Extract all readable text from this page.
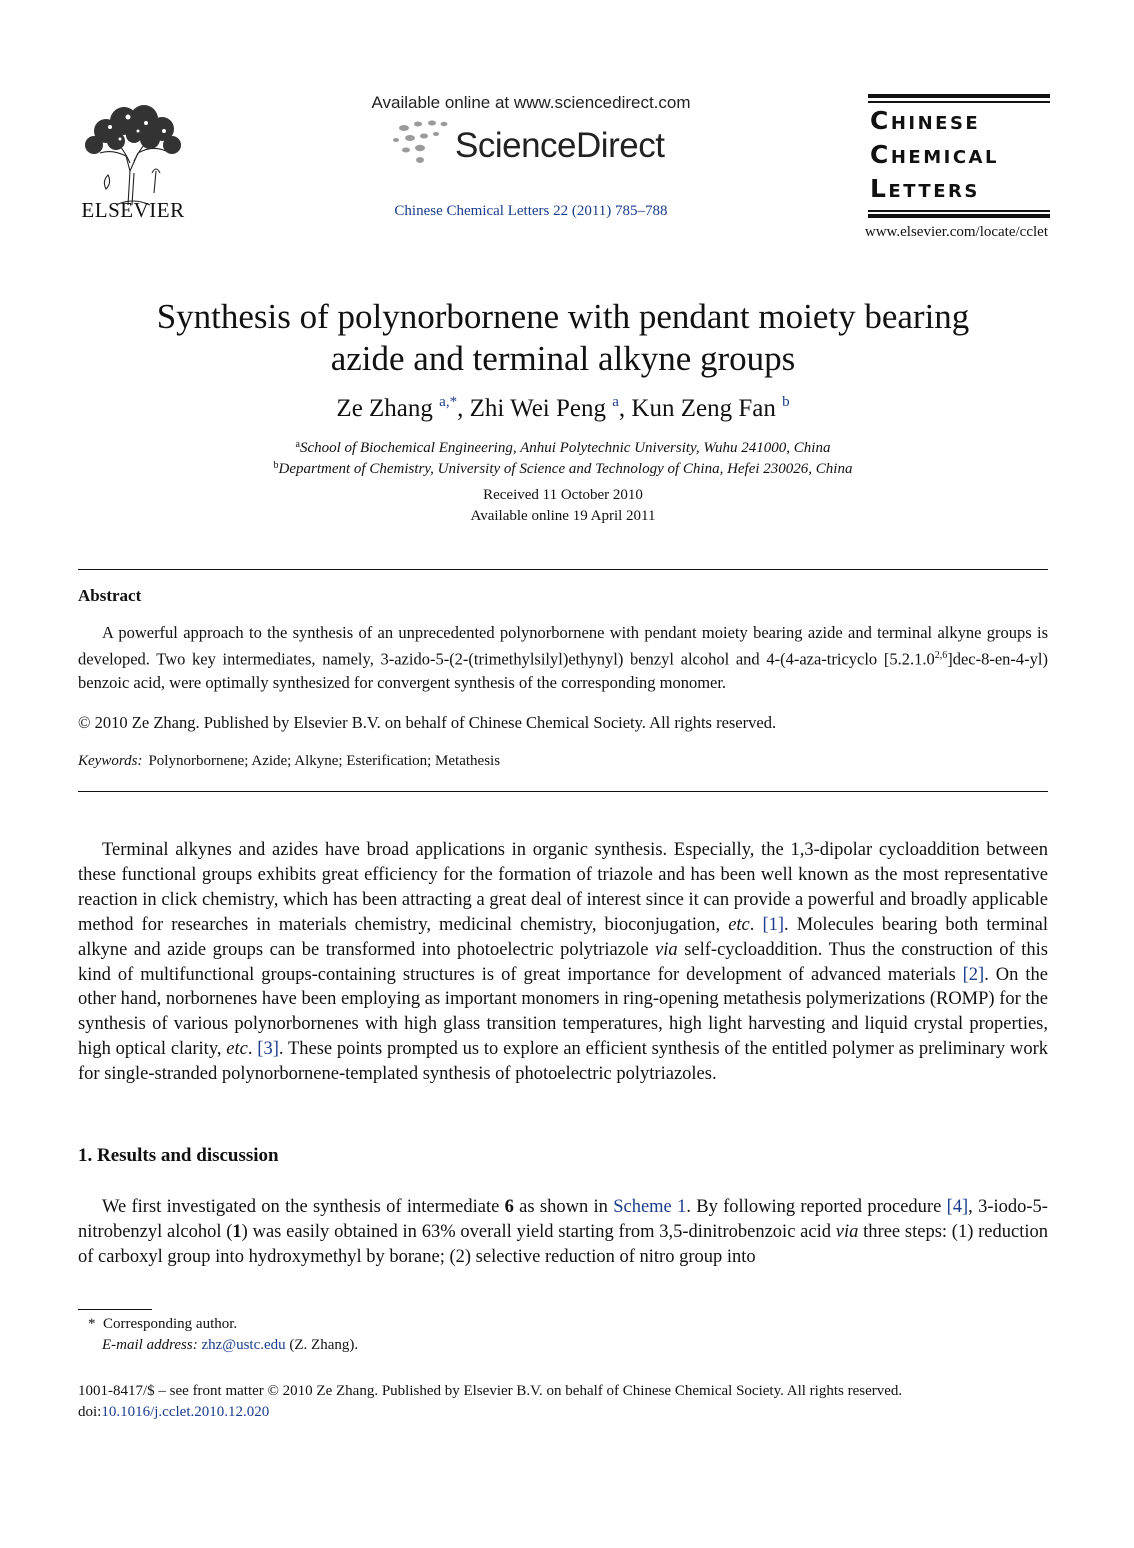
ELSEVIER
Available online at www.sciencedirect.com
ScienceDirect
Chinese Chemical Letters 22 (2011) 785–788
Chinese
Chemical
Letters
www.elsevier.com/locate/cclet
Synthesis of polynorbornene with pendant moiety bearing
azide and terminal alkyne groups
Ze Zhang $^{a,*}$, Zhi Wei Peng $^a$, Kun Zeng Fan $^b$
$^a$School of Biochemical Engineering, Anhui Polytechnic University, Wuhu 241000, China
$^b$Department of Chemistry, University of Science and Technology of China, Hefei 230026, China
Received 11 October 2010
Available online 19 April 2011
Abstract
A powerful approach to the synthesis of an unprecedented polynorbornene with pendant moiety bearing azide and terminal alkyne groups is developed. Two key intermediates, namely, 3-azido-5-(2-(trimethylsilyl)ethynyl) benzyl alcohol and 4-(4-aza-tricyclo [5.2.1.0$^{2,6}$]dec-8-en-4-yl) benzoic acid, were optimally synthesized for convergent synthesis of the corresponding monomer.
© 2010 Ze Zhang. Published by Elsevier B.V. on behalf of Chinese Chemical Society. All rights reserved.
Keywords: Polynorbornene; Azide; Alkyne; Esterification; Metathesis
Terminal alkynes and azides have broad applications in organic synthesis. Especially, the 1,3-dipolar cycloaddition between these functional groups exhibits great efficiency for the formation of triazole and has been well known as the most representative reaction in click chemistry, which has been attracting a great deal of interest since it can provide a powerful and broadly applicable method for researches in materials chemistry, medicinal chemistry, bioconjugation, etc. [1]. Molecules bearing both terminal alkyne and azide groups can be transformed into photoelectric polytriazole via self-cycloaddition. Thus the construction of this kind of multifunctional groups-containing structures is of great importance for development of advanced materials [2]. On the other hand, norbornenes have been employing as important monomers in ring-opening metathesis polymerizations (ROMP) for the synthesis of various polynorbornenes with high glass transition temperatures, high light harvesting and liquid crystal properties, high optical clarity, etc. [3]. These points prompted us to explore an efficient synthesis of the entitled polymer as preliminary work for single-stranded polynorbornene-templated synthesis of photoelectric polytriazoles.
1. Results and discussion
We first investigated on the synthesis of intermediate 6 as shown in Scheme 1. By following reported procedure [4], 3-iodo-5-nitrobenzyl alcohol (1) was easily obtained in 63% overall yield starting from 3,5-dinitrobenzoic acid via three steps: (1) reduction of carboxyl group into hydroxymethyl by borane; (2) selective reduction of nitro group into
* Corresponding author.
E-mail address: zhz@ustc.edu (Z. Zhang).
1001-8417/$ – see front matter © 2010 Ze Zhang. Published by Elsevier B.V. on behalf of Chinese Chemical Society. All rights reserved.
doi:10.1016/j.cclet.2010.12.020
